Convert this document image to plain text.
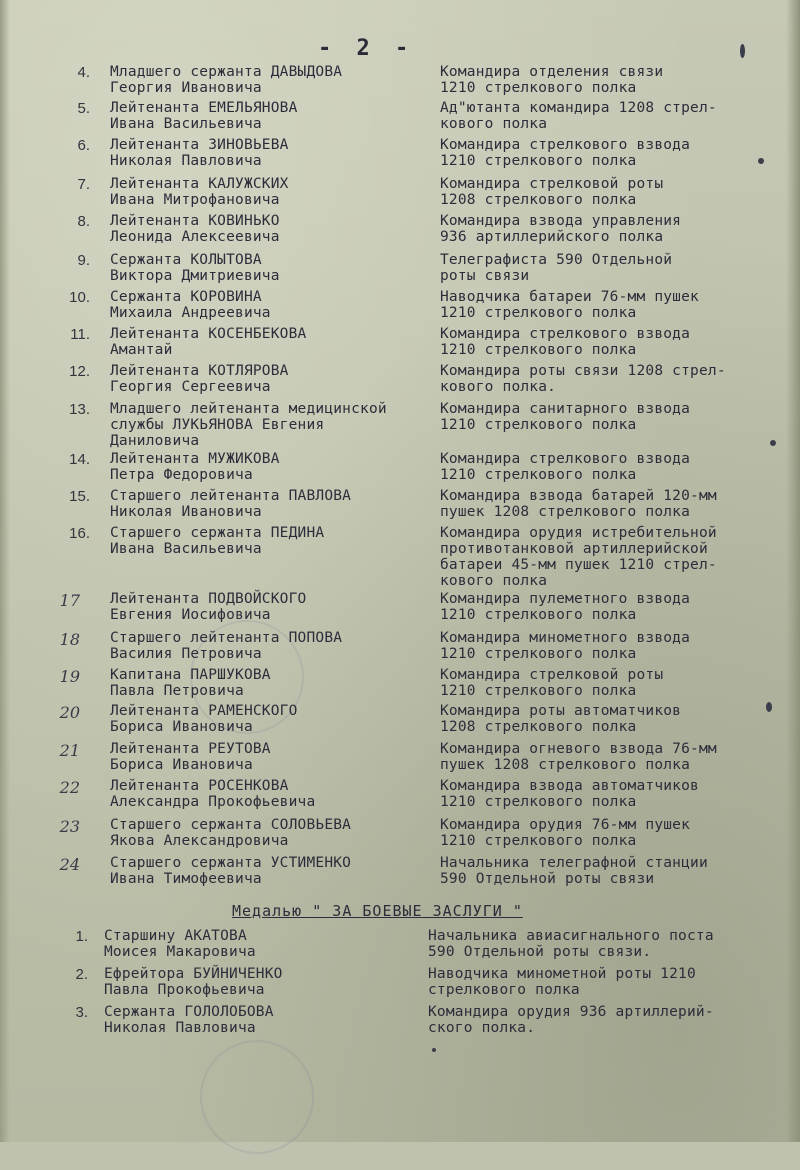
- 2 -
4. Младшего сержанта ДАВЫДОВА
Георгия Ивановича
Командира отделения связи
1210 стрелкового полка
5. Лейтенанта ЕМЕЛЬЯНОВА
Ивана Васильевича
Ад"ютанта командира 1208 стрел-
кового полка
6. Лейтенанта ЗИНОВЬЕВА
Николая Павловича
Командира стрелкового взвода
1210 стрелкового полка
7. Лейтенанта КАЛУЖСКИХ
Ивана Митрофановича
Командира стрелковой роты
1208 стрелкового полка
8. Лейтенанта КОВИНЬКО
Леонида Алексеевича
Командира взвода управления
936 артиллерийского полка
9. Сержанта КОЛЫТОВА
Виктора Дмитриевича
Телеграфиста 590 Отдельной
роты связи
10. Сержанта КОРОВИНА
Михаила Андреевича
Наводчика батареи 76-мм пушек
1210 стрелкового полка
11. Лейтенанта КОСЕНБЕКОВА
Амантай
Командира стрелкового взвода
1210 стрелкового полка
12. Лейтенанта КОТЛЯРОВА
Георгия Сергеевича
Командира роты связи 1208 стрел-
кового полка.
13. Младшего лейтенанта медицинской
службы ЛУКЬЯНОВА Евгения
Даниловича
Командира санитарного взвода
1210 стрелкового полка
14. Лейтенанта МУЖИКОВА
Петра Федоровича
Командира стрелкового взвода
1210 стрелкового полка
15. Старшего лейтенанта ПАВЛОВА
Николая Ивановича
Командира взвода батарей 120-мм
пушек 1208 стрелкового полка
16. Старшего сержанта ПЕДИНА
Ивана Васильевича
Командира орудия истребительной
противотанковой артиллерийской
батареи 45-мм пушек 1210 стрел-
кового полка
17 Лейтенанта ПОДВОЙСКОГО
Евгения Иосифовича
Командира пулеметного взвода
1210 стрелкового полка
18 Старшего лейтенанта ПОПОВА
Василия Петровича
Командира минометного взвода
1210 стрелкового полка
19 Капитана ПАРШУКОВА
Павла Петровича
Командира стрелковой роты
1210 стрелкового полка
20 Лейтенанта РАМЕНСКОГО
Бориса Ивановича
Командира роты автоматчиков
1208 стрелкового полка
21 Лейтенанта РЕУТОВА
Бориса Ивановича
Командира огневого взвода 76-мм
пушек 1208 стрелкового полка
22 Лейтенанта РОСЕНКОВА
Александра Прокофьевича
Командира взвода автоматчиков
1210 стрелкового полка
23 Старшего сержанта СОЛОВЬЕВА
Якова Александровича
Командира орудия 76-мм пушек
1210 стрелкового полка
24 Старшего сержанта УСТИМЕНКО
Ивана Тимофеевича
Начальника телеграфной станции
590 Отдельной роты связи
Медалью " ЗА БОЕВЫЕ ЗАСЛУГИ "
1. Старшину АКАТОВА
Моисея Макаровича
Начальника авиасигнального поста
590 Отдельной роты связи.
2. Ефрейтора БУЙНИЧЕНКО
Павла Прокофьевича
Наводчика минометной роты 1210
стрелкового полка
3. Сержанта ГОЛОЛОБОВА
Николая Павловича
Командира орудия 936 артиллерий-
ского полка.
